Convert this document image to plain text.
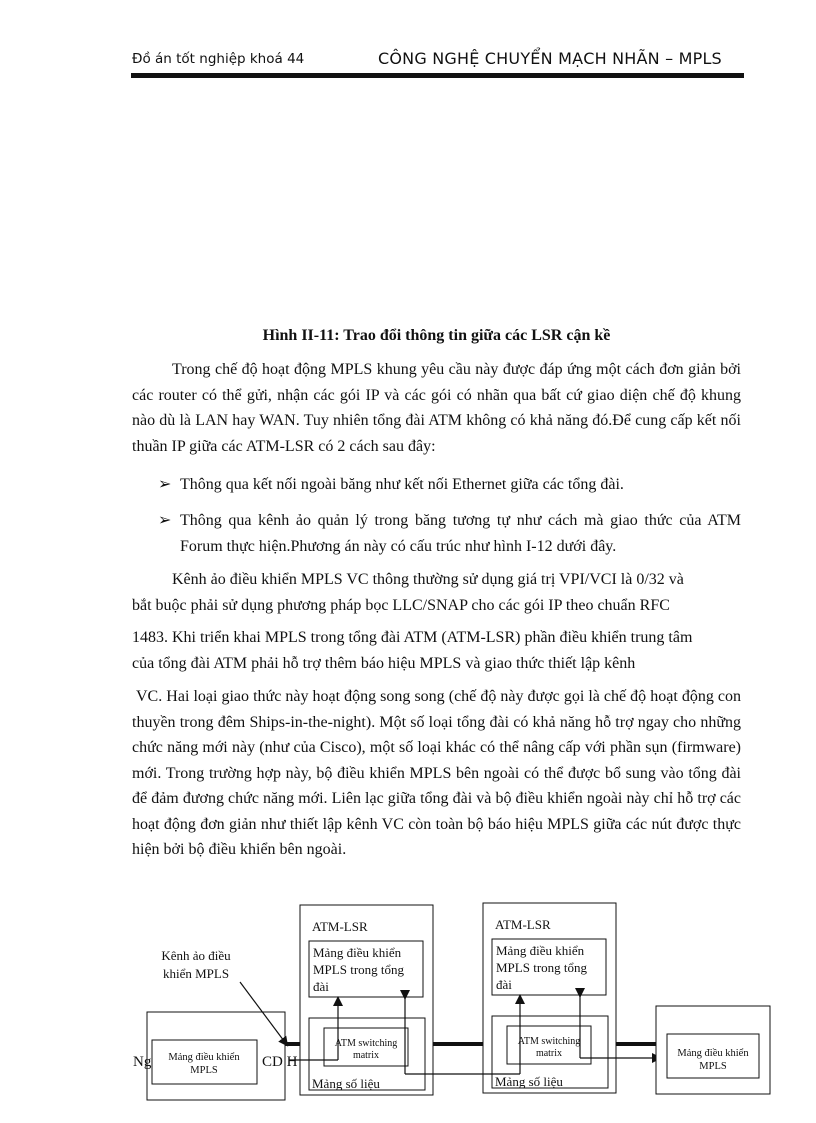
Đồ án tốt nghiệp khoá 44	CÔNG NGHỆ CHUYỂN MẠCH NHÃN – MPLS
Hình II-11: Trao đổi thông tin giữa các LSR cận kề

Trong chế độ hoạt động MPLS khung yêu cầu này được đáp ứng một cách đơn giản bởi các router có thể gửi, nhận các gói IP và các gói có nhãn qua bất cứ giao diện chế độ khung nào dù là LAN hay WAN. Tuy nhiên tổng đài ATM không có khả năng đó.Để cung cấp kết nối thuần IP giữa các ATM-LSR có 2 cách sau đây:

➢ Thông qua kết nối ngoài băng như kết nối Ethernet giữa các tổng đài.
➢ Thông qua kênh ảo quản lý trong băng tương tự như cách mà giao thức của ATM Forum thực hiện.Phương án này có cấu trúc như hình I-12 dưới đây.
Kênh ảo điều khiển MPLS VC thông thường sử dụng giá trị VPI/VCI là 0/32 và
bắt buộc phải sử dụng phương pháp bọc LLC/SNAP cho các gói IP theo chuẩn RFC
1483. Khi triển khai MPLS trong tổng đài ATM (ATM-LSR) phần điều khiển trung tâm
của tổng đài ATM phải hỗ trợ thêm báo hiệu MPLS và giao thức thiết lập kênh

VC. Hai loại giao thức này hoạt động song song (chế độ này được gọi là chế độ hoạt động con thuyền trong đêm Ships-in-the-night). Một số loại tổng đài có khả năng hỗ trợ ngay cho những chức năng mới này (như của Cisco), một số loại khác có thể nâng cấp với phần sụn (firmware) mới. Trong trường hợp này, bộ điều khiển MPLS bên ngoài có thể được bổ sung vào tổng đài để đảm đương chức năng mới. Liên lạc giữa tổng đài và bộ điều khiển ngoài này chỉ hỗ trợ các hoạt động đơn giản như thiết lập kênh VC còn toàn bộ báo hiệu MPLS giữa các nút được thực hiện bởi bộ điều khiển bên ngoài.

Mảng điều khiển
MPLS
Kênh ảo điều
khiển MPLS
ATM-LSR
Mảng điều khiển
MPLS trong tổng
đài
ATM switching
matrix
Mảng số liệu
ATM-LSR
Mảng điều khiển
MPLS trong tổng
đài
ATM switching
matrix
Mảng số liệu
Mảng điều khiển
MPLS
Ng	CD H
